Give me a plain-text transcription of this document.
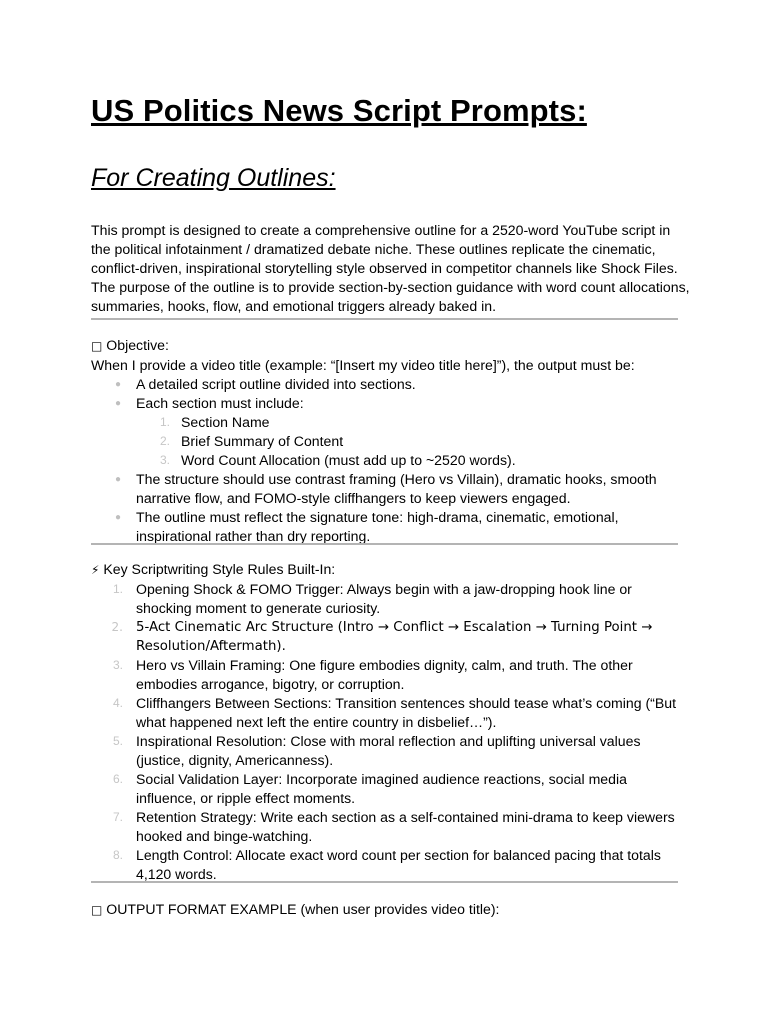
US Politics News Script Prompts:
For Creating Outlines:
This prompt is designed to create a comprehensive outline for a 2520-word YouTube script in
the political infotainment / dramatized debate niche. These outlines replicate the cinematic,
conflict-driven, inspirational storytelling style observed in competitor channels like Shock Files.
The purpose of the outline is to provide section-by-section guidance with word count allocations,
summaries, hooks, flow, and emotional triggers already baked in.
□ Objective:
When I provide a video title (example: “[Insert my video title here]”), the output must be:
● A detailed script outline divided into sections.
● Each section must include:
1. Section Name
2. Brief Summary of Content
3. Word Count Allocation (must add up to ~2520 words).
● The structure should use contrast framing (Hero vs Villain), dramatic hooks, smooth
narrative flow, and FOMO-style cliffhangers to keep viewers engaged.
● The outline must reflect the signature tone: high-drama, cinematic, emotional,
inspirational rather than dry reporting.
⚡ Key Scriptwriting Style Rules Built-In:
1. Opening Shock & FOMO Trigger: Always begin with a jaw-dropping hook line or
shocking moment to generate curiosity.
2. 5-Act Cinematic Arc Structure (Intro → Conflict → Escalation → Turning Point →
Resolution/Aftermath).
3. Hero vs Villain Framing: One figure embodies dignity, calm, and truth. The other
embodies arrogance, bigotry, or corruption.
4. Cliffhangers Between Sections: Transition sentences should tease what’s coming (“But
what happened next left the entire country in disbelief…”).
5. Inspirational Resolution: Close with moral reflection and uplifting universal values
(justice, dignity, Americanness).
6. Social Validation Layer: Incorporate imagined audience reactions, social media
influence, or ripple effect moments.
7. Retention Strategy: Write each section as a self-contained mini-drama to keep viewers
hooked and binge-watching.
8. Length Control: Allocate exact word count per section for balanced pacing that totals
4,120 words.
□ OUTPUT FORMAT EXAMPLE (when user provides video title):
